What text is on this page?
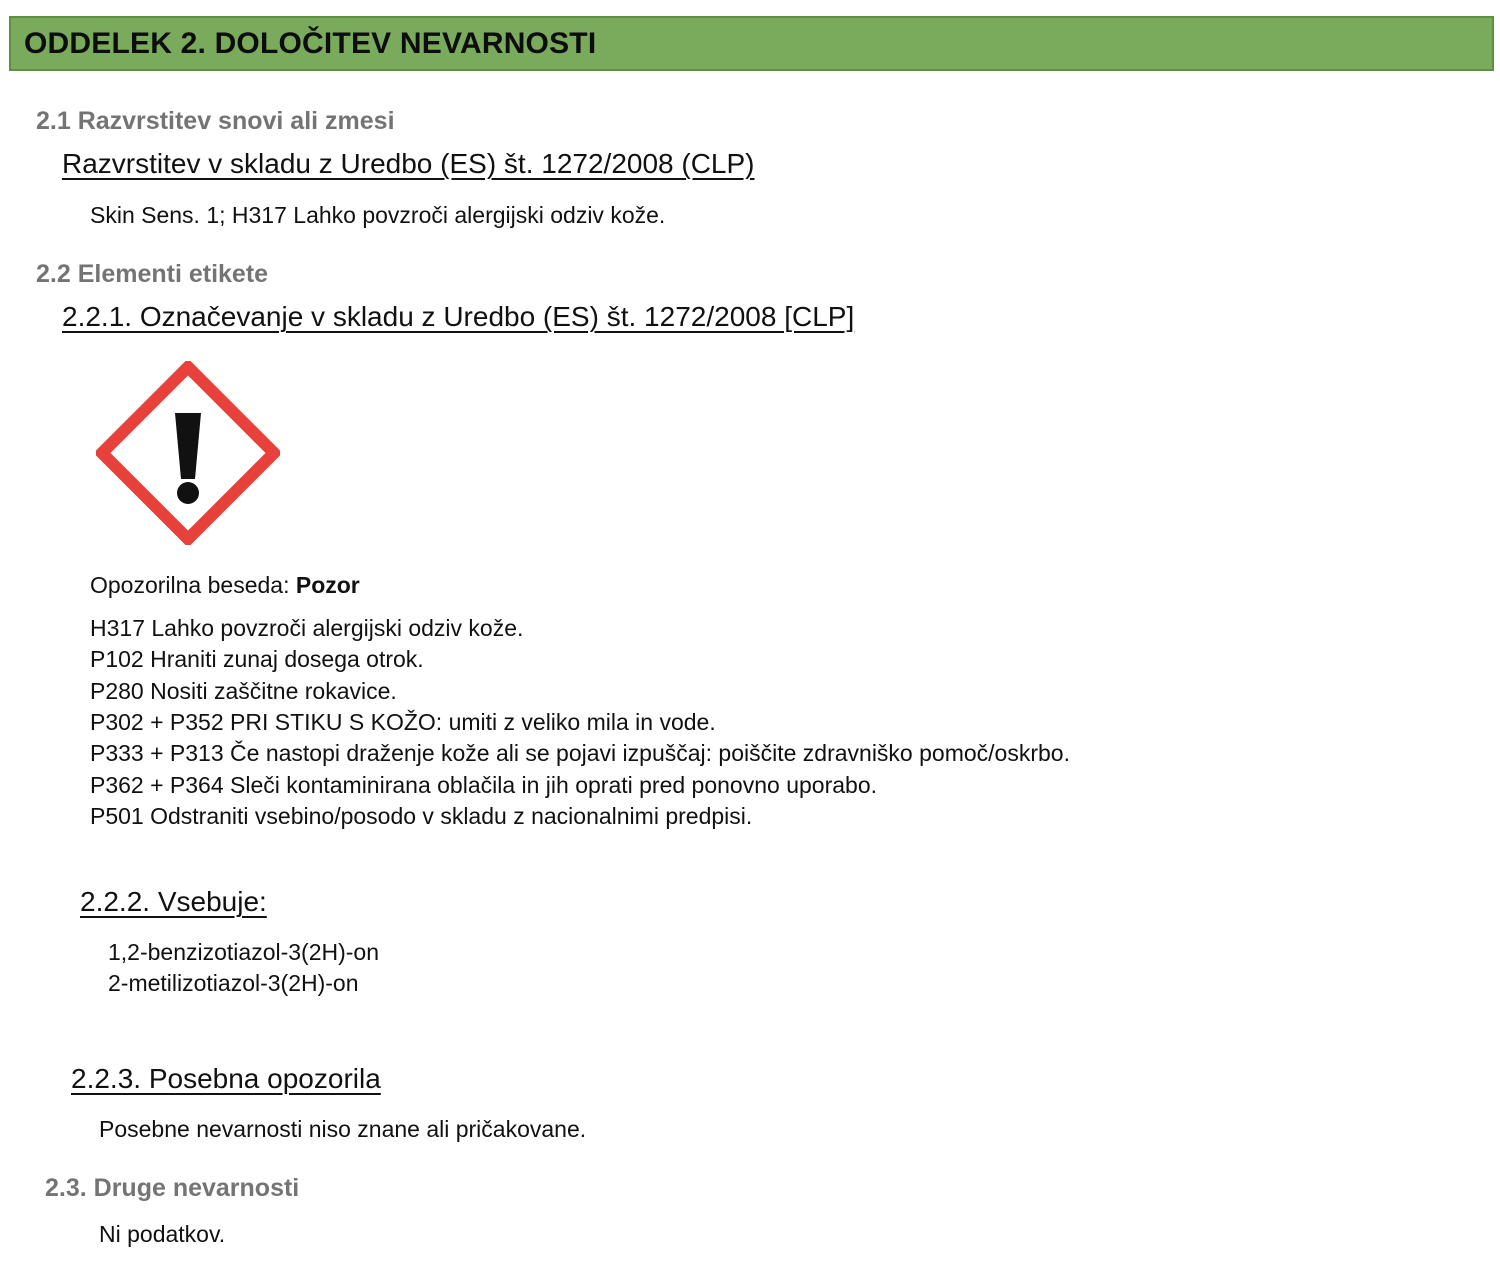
ODDELEK 2. DOLOČITEV NEVARNOSTI
2.1 Razvrstitev snovi ali zmesi
Razvrstitev v skladu z Uredbo (ES) št. 1272/2008 (CLP)
Skin Sens. 1; H317 Lahko povzroči alergijski odziv kože.
2.2 Elementi etikete
2.2.1. Označevanje v skladu z Uredbo (ES) št. 1272/2008 [CLP]
Opozorilna beseda: Pozor
H317 Lahko povzroči alergijski odziv kože.
P102 Hraniti zunaj dosega otrok.
P280 Nositi zaščitne rokavice.
P302 + P352 PRI STIKU S KOŽO: umiti z veliko mila in vode.
P333 + P313 Če nastopi draženje kože ali se pojavi izpuščaj: poiščite zdravniško pomoč/oskrbo.
P362 + P364 Sleči kontaminirana oblačila in jih oprati pred ponovno uporabo.
P501 Odstraniti vsebino/posodo v skladu z nacionalnimi predpisi.
2.2.2. Vsebuje:
1,2-benzizotiazol-3(2H)-on
2-metilizotiazol-3(2H)-on
2.2.3. Posebna opozorila
Posebne nevarnosti niso znane ali pričakovane.
2.3. Druge nevarnosti
Ni podatkov.
